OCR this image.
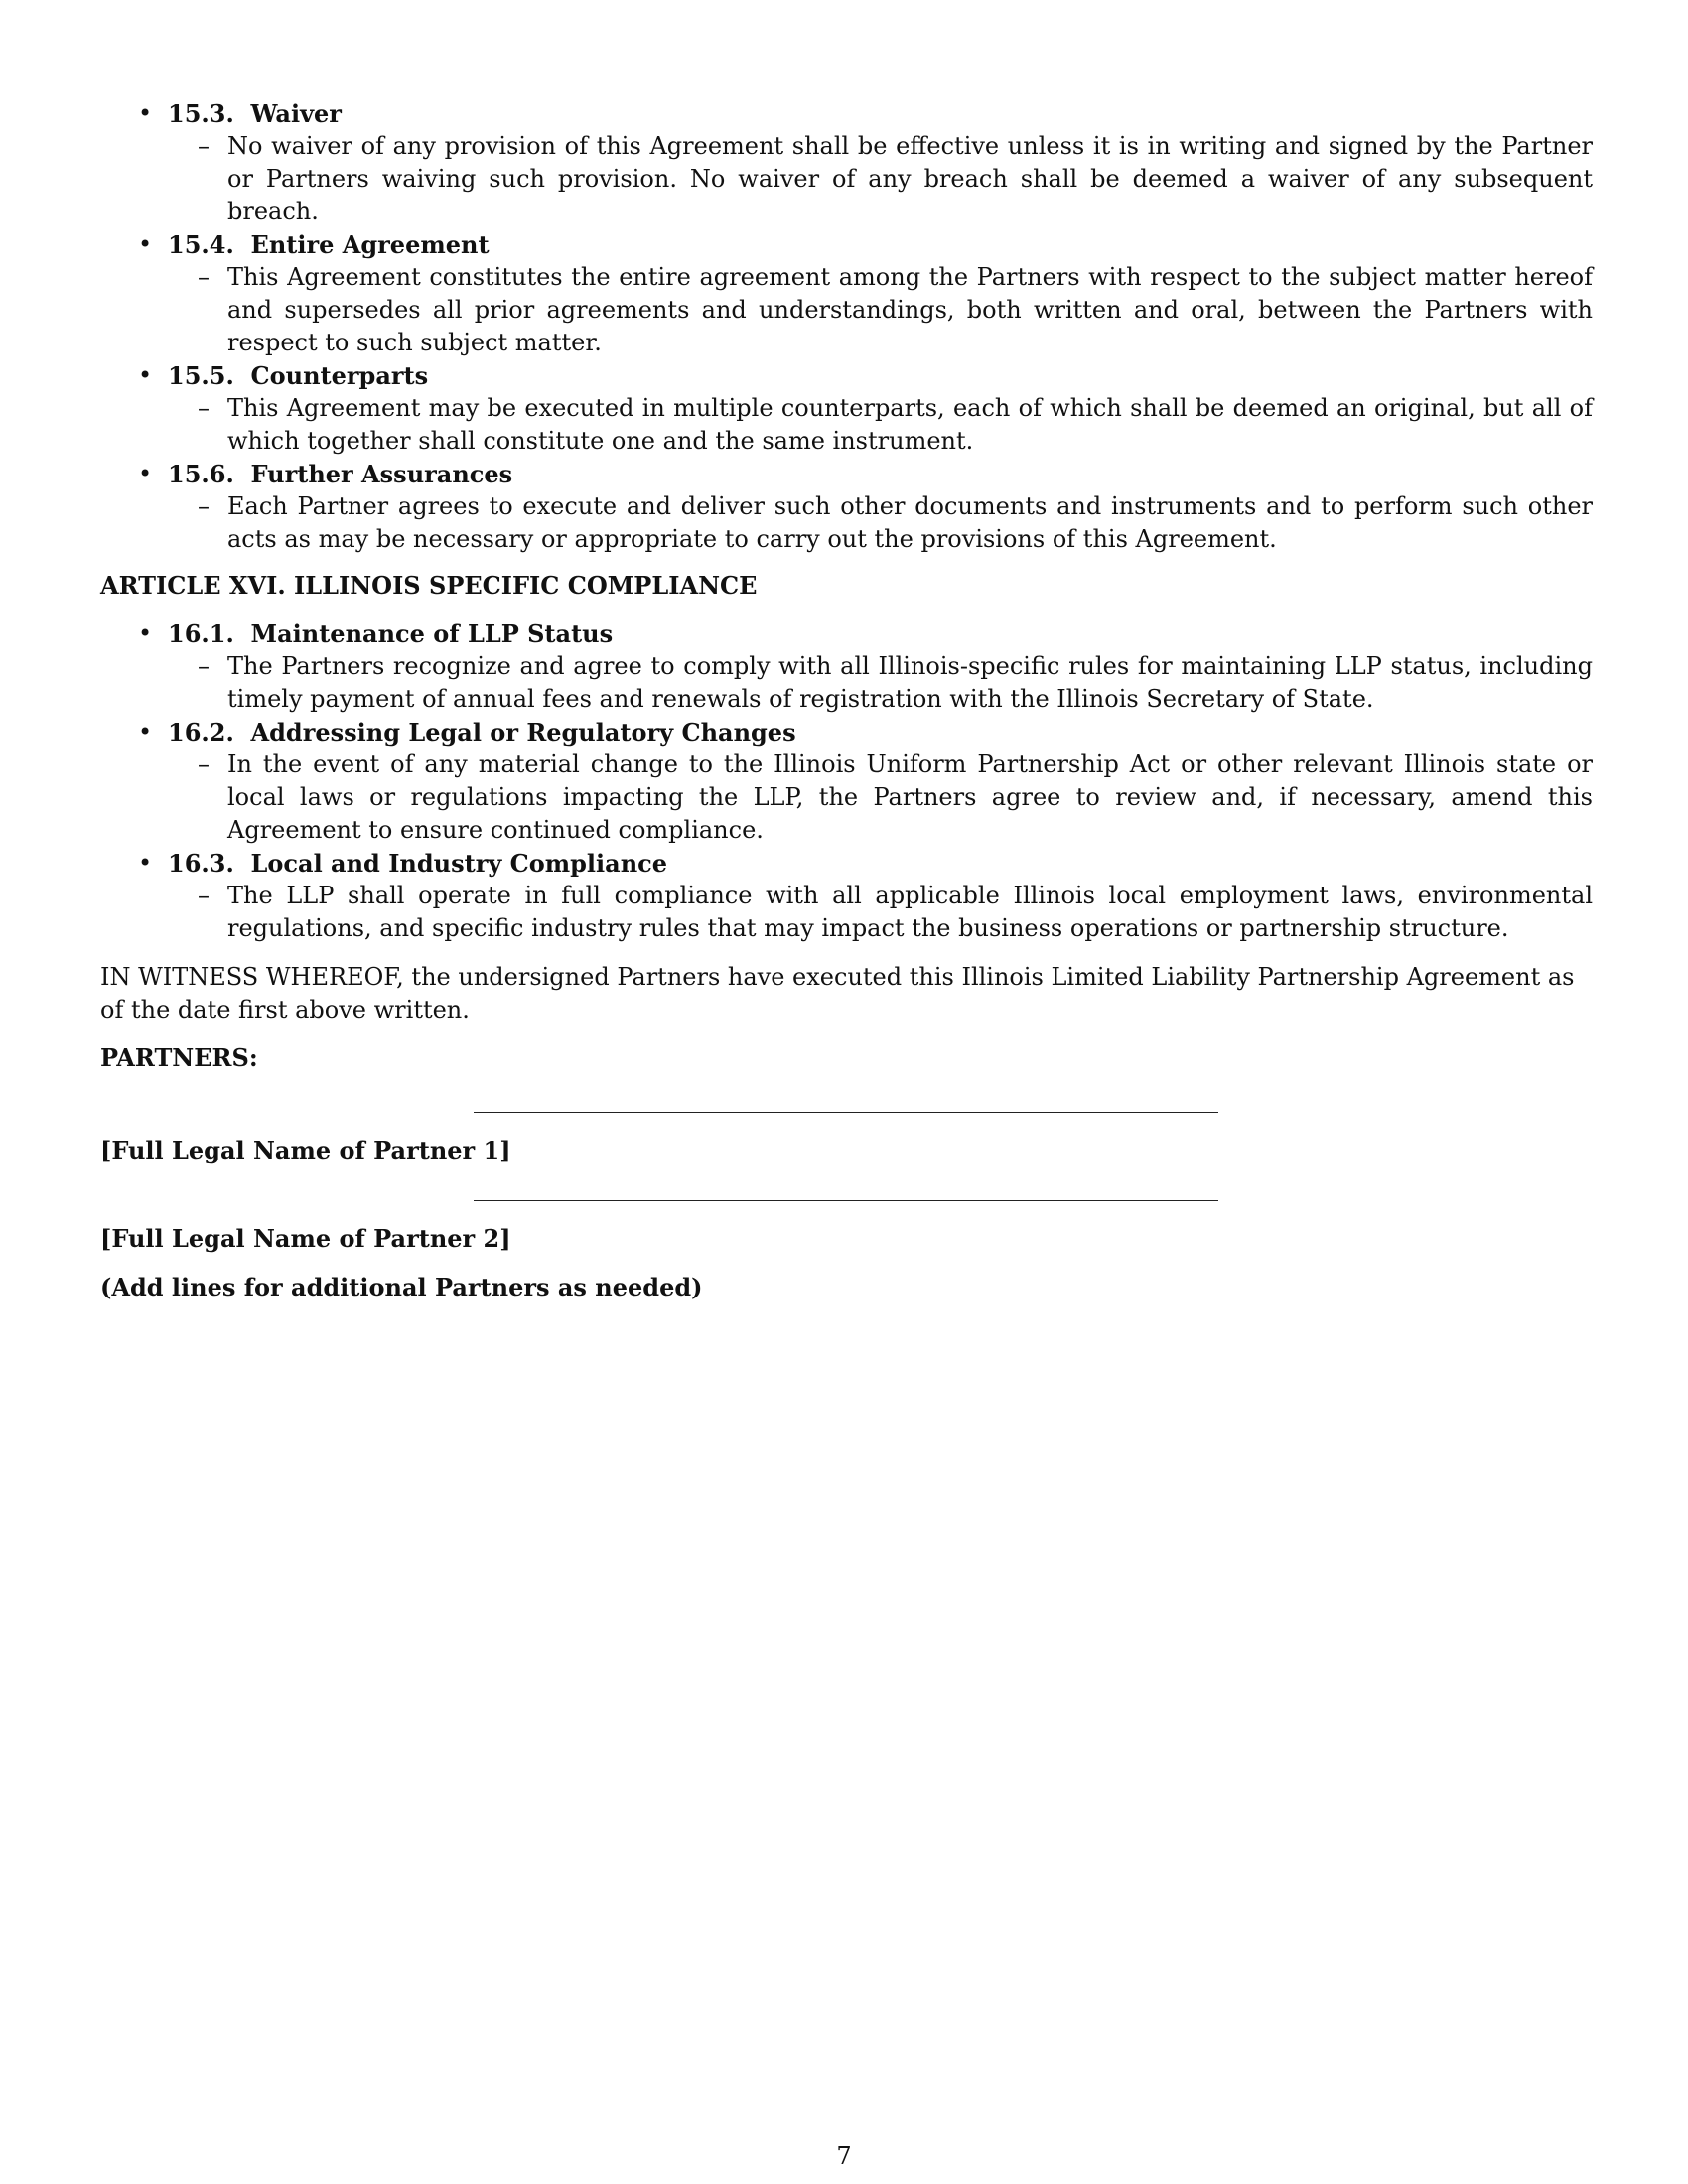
• 15.3. Waiver
– No waiver of any provision of this Agreement shall be effective unless it is in writing and signed by the Partner or Partners waiving such provision. No waiver of any breach shall be deemed a waiver of any subsequent breach.
• 15.4. Entire Agreement
– This Agreement constitutes the entire agreement among the Partners with respect to the subject matter hereof and supersedes all prior agreements and understandings, both written and oral, between the Partners with respect to such subject matter.
• 15.5. Counterparts
– This Agreement may be executed in multiple counterparts, each of which shall be deemed an original, but all of which together shall constitute one and the same instrument.
• 15.6. Further Assurances
– Each Partner agrees to execute and deliver such other documents and instruments and to perform such other acts as may be necessary or appropriate to carry out the provisions of this Agreement.
ARTICLE XVI. ILLINOIS SPECIFIC COMPLIANCE
• 16.1. Maintenance of LLP Status
– The Partners recognize and agree to comply with all Illinois-specific rules for maintaining LLP status, including timely payment of annual fees and renewals of registration with the Illinois Secretary of State.
• 16.2. Addressing Legal or Regulatory Changes
– In the event of any material change to the Illinois Uniform Partnership Act or other relevant Illinois state or local laws or regulations impacting the LLP, the Partners agree to review and, if necessary, amend this Agreement to ensure continued compliance.
• 16.3. Local and Industry Compliance
– The LLP shall operate in full compliance with all applicable Illinois local employment laws, environmental regulations, and specific industry rules that may impact the business operations or partnership structure.
IN WITNESS WHEREOF, the undersigned Partners have executed this Illinois Limited Liability Partnership Agreement as of the date first above written.
PARTNERS:
[Full Legal Name of Partner 1]
[Full Legal Name of Partner 2]
(Add lines for additional Partners as needed)
7
